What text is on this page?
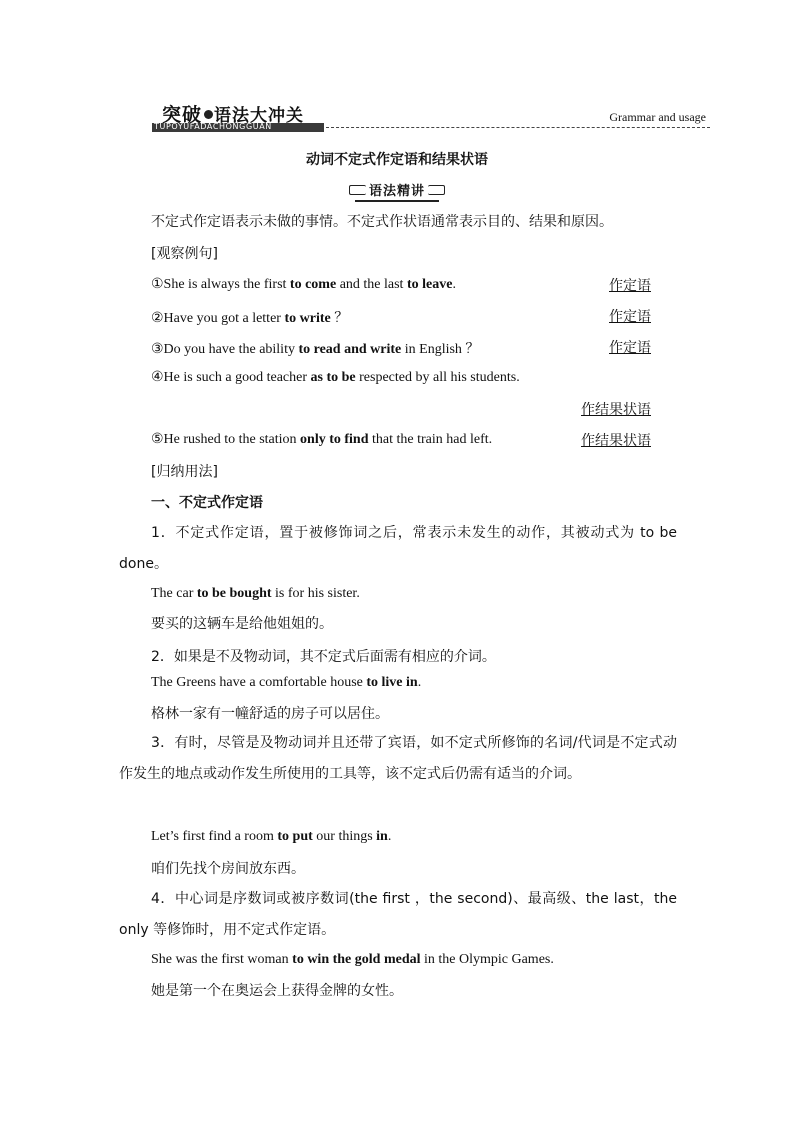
TUPOYUFADACHONGGUAN
突破 语法大冲关	Grammar and usage
动词不定式作定语和结果状语
语法精讲
不定式作定语表示未做的事情。不定式作状语通常表示目的、结果和原因。
[观察例句]
①She is always the first to come and the last to leave.	作定语
②Have you got a letter to write ？	作定语
③Do you have the ability to read and write in English ？	作定语
④He is such a good teacher as to be respected by all his students.
作结果状语
⑤He rushed to the station only to find that the train had left.	作结果状语
[归纳用法]
一、不定式作定语
1．不定式作定语，置于被修饰词之后，常表示未发生的动作，其被动式为 to be done。
The car to be bought is for his sister.
要买的这辆车是给他姐姐的。
2．如果是不及物动词，其不定式后面需有相应的介词。
The Greens have a comfortable house to live in.
格林一家有一幢舒适的房子可以居住。
3．有时，尽管是及物动词并且还带了宾语，如不定式所修饰的名词/代词是不定式动作发生的地点或动作发生所使用的工具等，该不定式后仍需有适当的介词。
Let’s first find a room to put our things in.
咱们先找个房间放东西。
4．中心词是序数词或被序数词(the first ，the second)、最高级、the last，the only 等修饰时，用不定式作定语。
She was the first woman to win the gold medal in the Olympic Games.
她是第一个在奥运会上获得金牌的女性。
